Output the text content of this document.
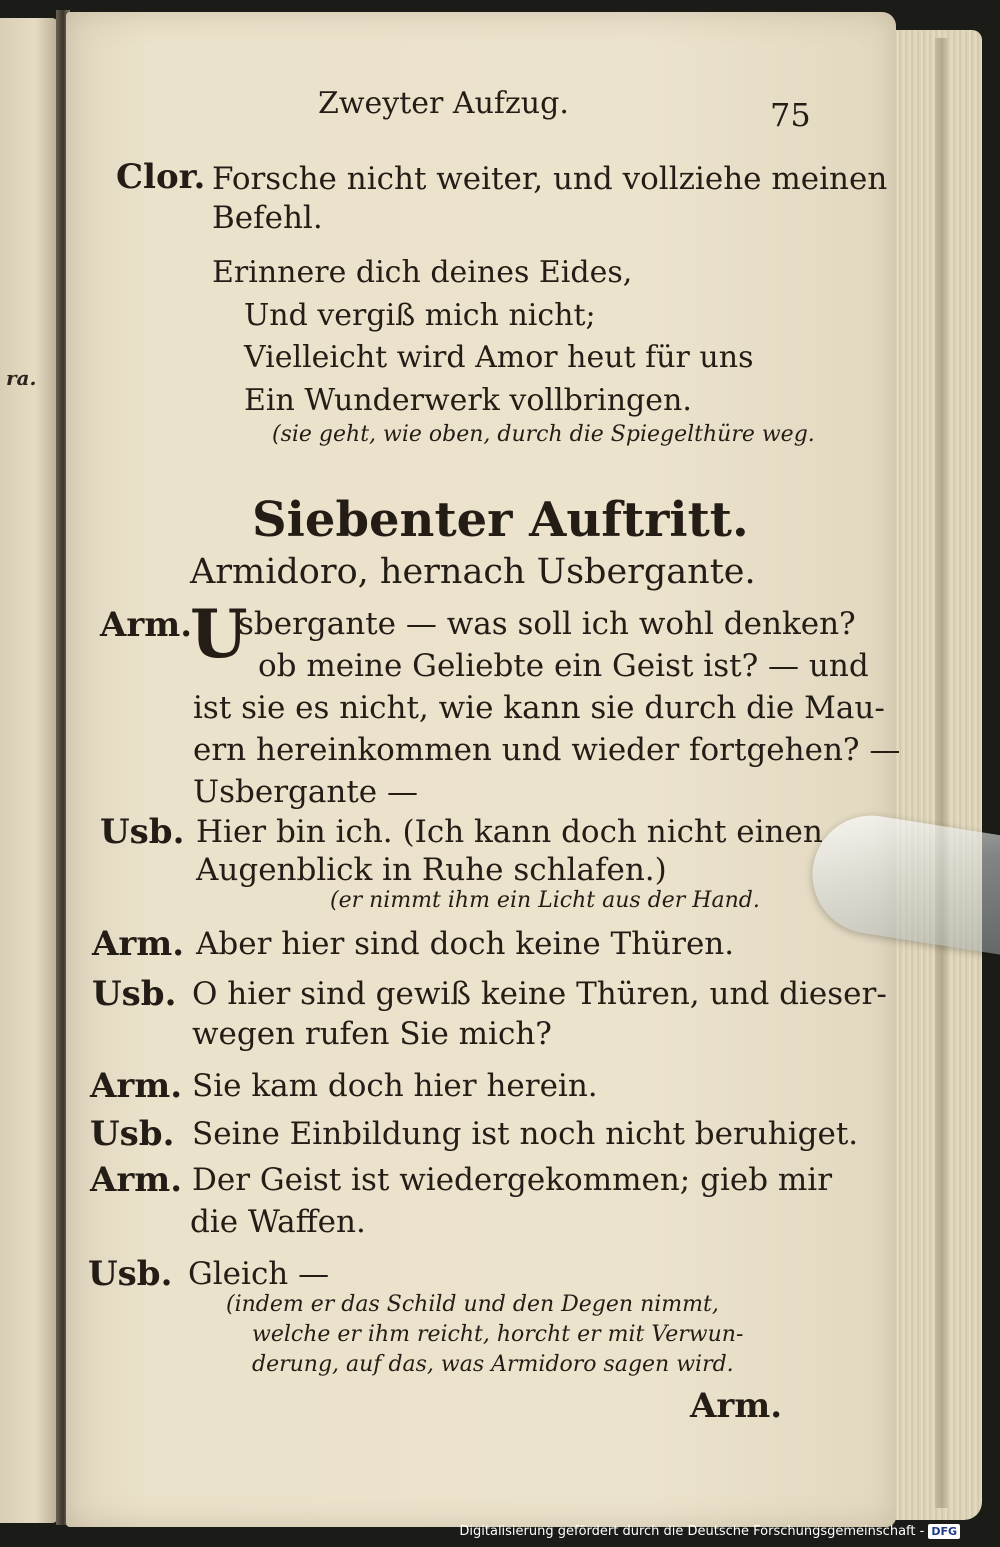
ra.
Zweyter Aufzug.	75
Clor. Forsche nicht weiter, und vollziehe meinen
Befehl.
Erinnere dich deines Eides,
Und vergiß mich nicht;
Vielleicht wird Amor heut für uns
Ein Wunderwerk vollbringen.
(sie geht, wie oben, durch die Spiegelthüre weg.
Siebenter Auftritt.
Armidoro, hernach Usbergante.
Arm.
U
sbergante — was soll ich wohl denken?
ob meine Geliebte ein Geist ist? — und
ist sie es nicht, wie kann sie durch die Mau-
ern hereinkommen und wieder fortgehen? —
Usbergante —
Usb. Hier bin ich. (Ich kann doch nicht einen
Augenblick in Ruhe schlafen.)
(er nimmt ihm ein Licht aus der Hand.
Arm. Aber hier sind doch keine Thüren.
Usb. O hier sind gewiß keine Thüren, und dieser-
wegen rufen Sie mich?
Arm. Sie kam doch hier herein.
Usb. Seine Einbildung ist noch nicht beruhiget.
Arm. Der Geist ist wiedergekommen; gieb mir
die Waffen.
Usb. Gleich —
(indem er das Schild und den Degen nimmt,
welche er ihm reicht, horcht er mit Verwun-
derung, auf das, was Armidoro sagen wird.
Arm.
Digitalisierung gefördert durch die Deutsche Forschungsgemeinschaft - DFG
